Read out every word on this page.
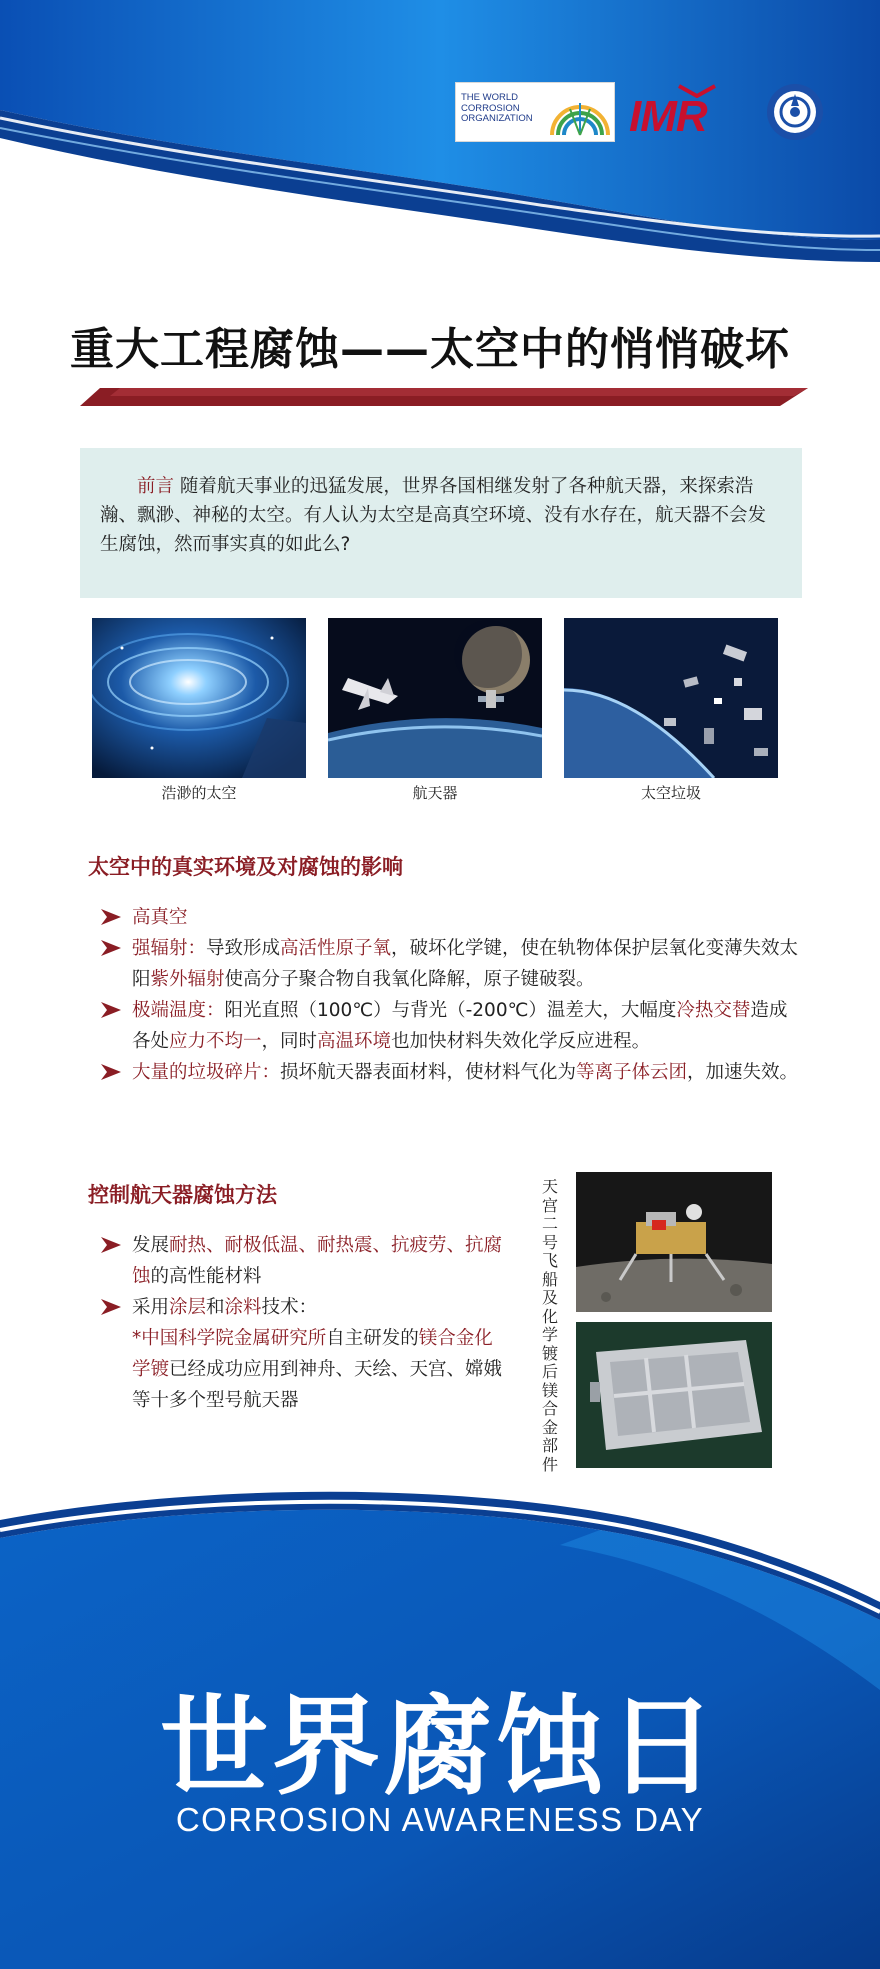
THE WORLD
CORROSION
ORGANIZATION IMR
重大工程腐蚀——太空中的悄悄破坏

前言 随着航天事业的迅猛发展，世界各国相继发射了各种航天器，来探索浩瀚、飘渺、神秘的太空。有人认为太空是高真空环境、没有水存在，航天器不会发生腐蚀，然而事实真的如此么?

浩渺的太空	航天器	太空垃圾
太空中的真实环境及对腐蚀的影响
高真空
强辐射：导致形成高活性原子氧，破坏化学键，使在轨物体保护层氧化变薄失效太阳紫外辐射使高分子聚合物自我氧化降解，原子键破裂。
极端温度：阳光直照（100℃）与背光（-200℃）温差大，大幅度冷热交替造成各处应力不均一，同时高温环境也加快材料失效化学反应进程。
大量的垃圾碎片：损坏航天器表面材料，使材料气化为等离子体云团，加速失效。
控制航天器腐蚀方法
发展耐热、耐极低温、耐热震、抗疲劳、抗腐蚀的高性能材料
采用涂层和涂料技术：
*中国科学院金属研究所自主研发的镁合金化学镀已经成功应用到神舟、天绘、天宫、嫦娥等十多个型号航天器
天
宫
二
号
飞
船
及
化
学
镀
后
镁
合
金
部
件
世界腐蚀日

CORROSION AWARENESS DAY
